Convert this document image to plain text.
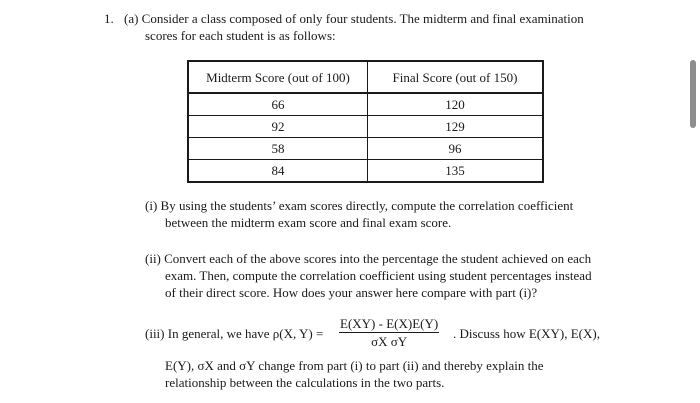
1. (a) Consider a class composed of only four students. The midterm and final examination
scores for each student is as follows:
Midterm Score (out of 100)	Final Score (out of 150)
66	120
92	129
58	96
84	135
(i) By using the students’ exam scores directly, compute the correlation coefficient
between the midterm exam score and final exam score.
(ii) Convert each of the above scores into the percentage the student achieved on each
exam. Then, compute the correlation coefficient using student percentages instead
of their direct score. How does your answer here compare with part (i)?
(iii) In general, we have ρ(X, $Y) = \frac{E(XY) - E(X)E(Y)}{\text{σX σY}}$ . Discuss how E(XY), E(X),
E(Y), σX and σY change from part (i) to part (ii) and thereby explain the
relationship between the calculations in the two parts.
